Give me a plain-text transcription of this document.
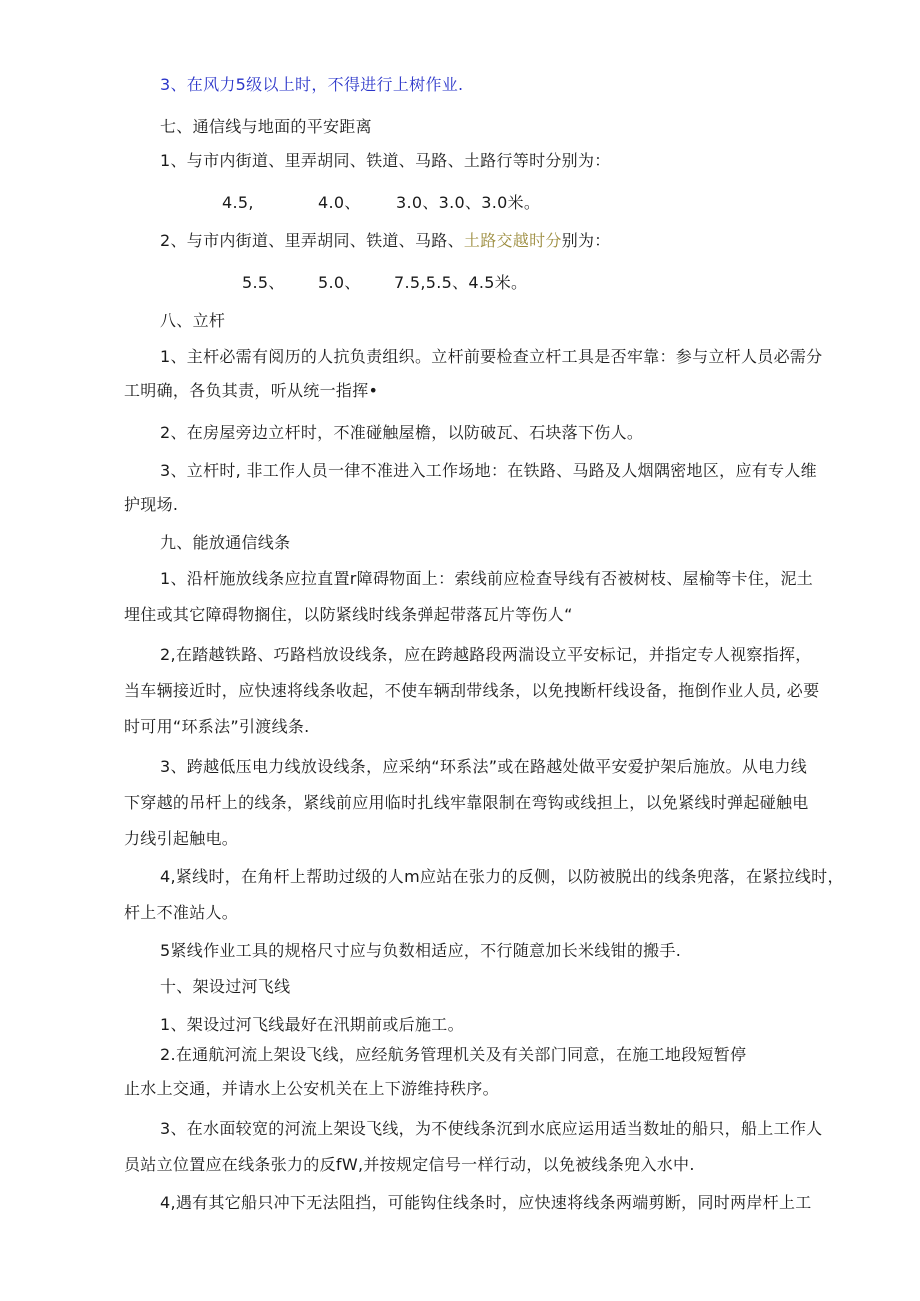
3、在风力5级以上时，不得进行上树作业.
七、通信线与地面的平安距离
1、与市内街道、里弄胡同、铁道、马路、土路行等时分别为：
4.5,	4.0、 3.0、3.0、3.0米。
2、与市内街道、里弄胡同、铁道、马路、土路交越时分别为：
5.5、 5.0、 7.5,5.5、4.5米。
八、立杆
1、主杆必需有阅历的人抗负责组织。立杆前要检查立杆工具是否牢靠：参与立杆人员必需分
工明确，各负其责，听从统一指挥•
2、在房屋旁边立杆时，不准碰触屋檐，以防破瓦、石块落下伤人。
3、立杆时, 非工作人员一律不准进入工作场地：在铁路、马路及人烟隅密地区，应有专人维
护现场.
九、能放通信线条
1、沿杆施放线条应拉直置r障碍物面上：索线前应检查导线有否被树枝、屋榆等卡住，泥土
埋住或其它障碍物搁住，以防紧线时线条弹起带落瓦片等伤人“
2,在踏越铁路、巧路档放设线条，应在跨越路段两湍设立平安标记，并指定专人视察指挥，
当车辆接近时，应快速将线条收起，不使车辆刮带线条，以免拽断杆线设备，拖倒作业人员, 必要
时可用“环系法”引渡线条.
3、跨越低压电力线放设线条，应采纳“环系法”或在路越处做平安爱护架后施放。从电力线
下穿越的吊杆上的线条，紧线前应用临时扎线牢靠限制在弯钩或线担上，以免紧线时弹起碰触电
力线引起触电。
4,紧线时，在角杆上帮助过级的人m应站在张力的反侧，以防被脱出的线条兜落，在紧拉线时，
杆上不准站人。
5紧线作业工具的规格尺寸应与负数相适应，不行随意加长米线钳的搬手.
十、架设过河飞线
1、架设过河飞线最好在汛期前或后施工。
2.在通航河流上架设飞线，应经航务管理机关及有关部门同意，在施工地段短暂停
止水上交通，并请水上公安机关在上下游维持秩序。
3、在水面较宽的河流上架设飞线，为不使线条沉到水底应运用适当数址的船只，船上工作人
员站立位置应在线条张力的反fW,并按规定信号一样行动，以免被线条兜入水中.
4,遇有其它船只冲下无法阻挡，可能钩住线条时，应快速将线条两端剪断，同时两岸杆上工
